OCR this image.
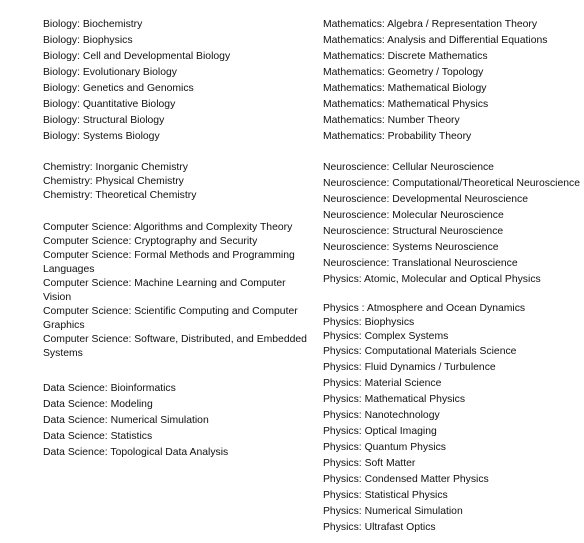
Biology: Biochemistry
Biology: Biophysics
Biology: Cell and Developmental Biology
Biology: Evolutionary Biology
Biology: Genetics and Genomics
Biology: Quantitative Biology
Biology: Structural Biology
Biology: Systems Biology
Chemistry: Inorganic Chemistry
Chemistry: Physical Chemistry
Chemistry: Theoretical Chemistry
Computer Science: Algorithms and Complexity Theory
Computer Science: Cryptography and Security
Computer Science: Formal Methods and Programming Languages
Computer Science: Machine Learning and Computer Vision
Computer Science: Scientific Computing and Computer Graphics
Computer Science: Software, Distributed, and Embedded Systems
Data Science: Bioinformatics
Data Science: Modeling
Data Science: Numerical Simulation
Data Science: Statistics
Data Science: Topological Data Analysis
Mathematics: Algebra / Representation Theory
Mathematics: Analysis and Differential Equations
Mathematics: Discrete Mathematics
Mathematics: Geometry / Topology
Mathematics: Mathematical Biology
Mathematics: Mathematical Physics
Mathematics: Number Theory
Mathematics: Probability Theory
Neuroscience: Cellular Neuroscience
Neuroscience: Computational/Theoretical Neuroscience
Neuroscience: Developmental Neuroscience
Neuroscience: Molecular Neuroscience
Neuroscience: Structural Neuroscience
Neuroscience: Systems Neuroscience
Neuroscience: Translational Neuroscience
Physics: Atomic, Molecular and Optical Physics
Physics : Atmosphere and Ocean Dynamics
Physics: Biophysics
Physics: Complex Systems
Physics: Computational Materials Science
Physics: Fluid Dynamics / Turbulence
Physics: Material Science
Physics: Mathematical Physics
Physics: Nanotechnology
Physics: Optical Imaging
Physics: Quantum Physics
Physics: Soft Matter
Physics: Condensed Matter Physics
Physics: Statistical Physics
Physics: Numerical Simulation
Physics: Ultrafast Optics
